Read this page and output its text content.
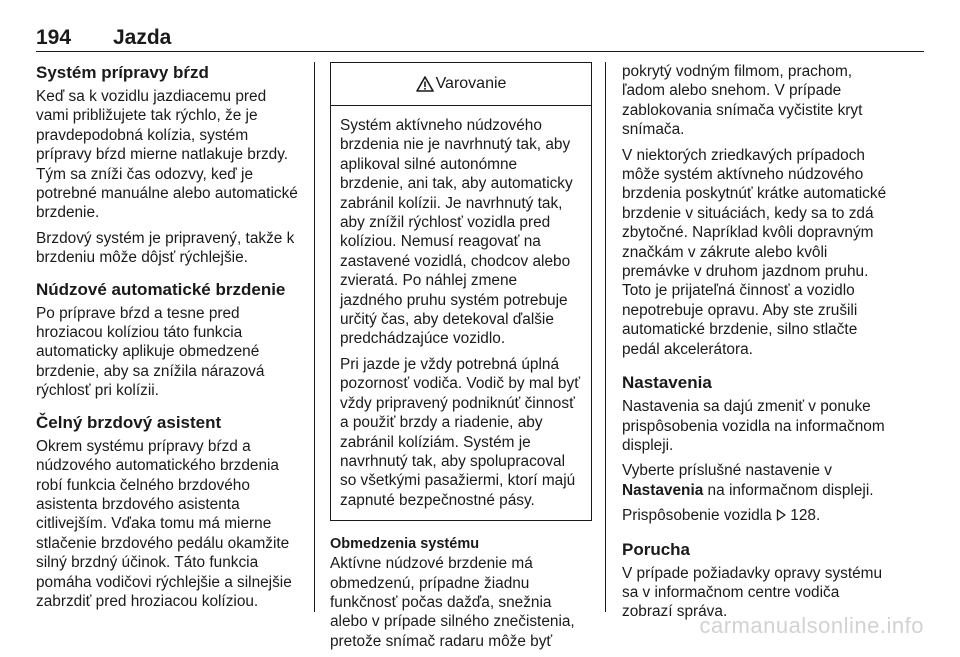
194 Jazda
Systém prípravy bŕzd

Keď sa k vozidlu jazdiacemu pred vami približujete tak rýchlo, že je pravdepodobná kolízia, systém prípravy bŕzd mierne natlakuje brzdy. Tým sa zníži čas odozvy, keď je potrebné manuálne alebo automatické brzdenie.

Brzdový systém je pripravený, takže k brzdeniu môže dôjsť rýchlejšie.

Núdzové automatické brzdenie

Po príprave bŕzd a tesne pred hroziacou kolíziou táto funkcia automaticky aplikuje obmedzené brzdenie, aby sa znížila nárazová rýchlosť pri kolízii.

Čelný brzdový asistent

Okrem systému prípravy bŕzd a núdzového automatického brzdenia robí funkcia čelného brzdového asistenta brzdového asistenta citlivejším. Vďaka tomu má mierne stlačenie brzdového pedálu okamžite silný brzdný účinok. Táto funkcia pomáha vodičovi rýchlejšie a silnejšie zabrzdiť pred hroziacou kolíziou.

Varovanie

Systém aktívneho núdzového brzdenia nie je navrhnutý tak, aby aplikoval silné autonómne brzdenie, ani tak, aby automaticky zabránil kolízii. Je navrhnutý tak, aby znížil rýchlosť vozidla pred kolíziou. Nemusí reagovať na zastavené vozidlá, chodcov alebo zvieratá. Po náhlej zmene jazdného pruhu systém potrebuje určitý čas, aby detekoval ďalšie predchádzajúce vozidlo.

Pri jazde je vždy potrebná úplná pozornosť vodiča. Vodič by mal byť vždy pripravený podniknúť činnosť a použiť brzdy a riadenie, aby zabránil kolíziám. Systém je navrhnutý tak, aby spolupracoval so všetkými pasažiermi, ktorí majú zapnuté bezpečnostné pásy.

Obmedzenia systému

Aktívne núdzové brzdenie má obmedzenú, prípadne žiadnu funkčnosť počas dažďa, snežnia alebo v prípade silného znečistenia, pretože snímač radaru môže byť

pokrytý vodným filmom, prachom, ľadom alebo snehom. V prípade zablokovania snímača vyčistite kryt snímača.

V niektorých zriedkavých prípadoch môže systém aktívneho núdzového brzdenia poskytnúť krátke automatické brzdenie v situáciách, kedy sa to zdá zbytočné. Napríklad kvôli dopravným značkám v zákrute alebo kvôli premávke v druhom jazdnom pruhu. Toto je prijateľná činnosť a vozidlo nepotrebuje opravu. Aby ste zrušili automatické brzdenie, silno stlačte pedál akcelerátora.

Nastavenia

Nastavenia sa dajú zmeniť v ponuke prispôsobenia vozidla na informačnom displeji.

Vyberte príslušné nastavenie v Nastavenia na informačnom displeji.

Prispôsobenie vozidla  128.

Porucha

V prípade požiadavky opravy systému sa v informačnom centre vodiča zobrazí správa.

carmanualsonline.info
